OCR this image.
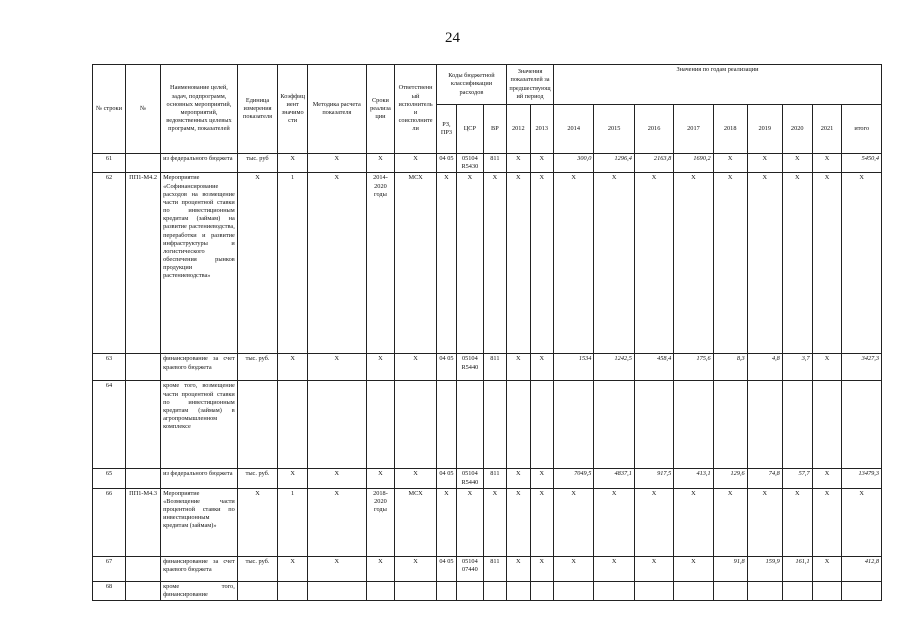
24
№ строки	№	Наименование целей, задач, подпрограмм, основных мероприятий, мероприятий, ведомственных целевых программ, показателей	Единица измерения показателя	Коэффициент значимости	Методика расчета показателя	Сроки реализации	Ответственный исполнитель и соисполнители	Коды бюджетной классификации расходов			Значения показателей за предшествующий период		Значения по годам реализации								
								РЗ, ПР3	ЦСР	ВР	2012	2013	2014	2015	2016	2017	2018	2019	2020	2021	итого
61		из федерального бюджета	тыс. руб	X	X	X	X	04 05	05104 R5430	811	X	X	300,0	1296,4	2163,8	1690,2	X	X	X	X	5450,4
62	ПП1-М4.2	Мероприятие «Софинансирование расходов на возмещение части процентной ставки по инвестиционным кредитам (займам) на развитие растениеводства, переработки и развитие инфраструктуры и логистического обеспечения рынков продукции растениеводства»	X	1	X	2014-2020 годы	МСХ	X	X	X	X	X	X	X	X	X	X	X	X	X	X
63		финансирование за счет краевого бюджета	тыс. руб.	X	X	X	X	04 05	05104 R5440	811	X	X	1534	1242,5	458,4	175,6	8,3	4,8	3,7	X	3427,3
64		кроме того, возмещение части процентной ставки по инвестиционным кредитам (займам) в агропромышленном комплексе																			
65		из федерального бюджета	тыс. руб.	X	X	X	X	04 05	05104 R5440	811	X	X	7049,5	4837,1	917,5	413,1	129,6	74,8	57,7	X	13479,3
66	ПП1-М4.3	Мероприятие «Возмещение части процентной ставки по инвестиционным кредитам (займам)»	X	1	X	2018-2020 годы	МСХ	X	X	X	X	X	X	X	X	X	X	X	X	X	X
67		финансирование за счет краевого бюджета	тыс. руб.	X	X	X	X	04 05	05104 07440	811	X	X	X	X	X	X	91,8	159,9	161,1	X	412,8
68		кроме того, финансирование																			
